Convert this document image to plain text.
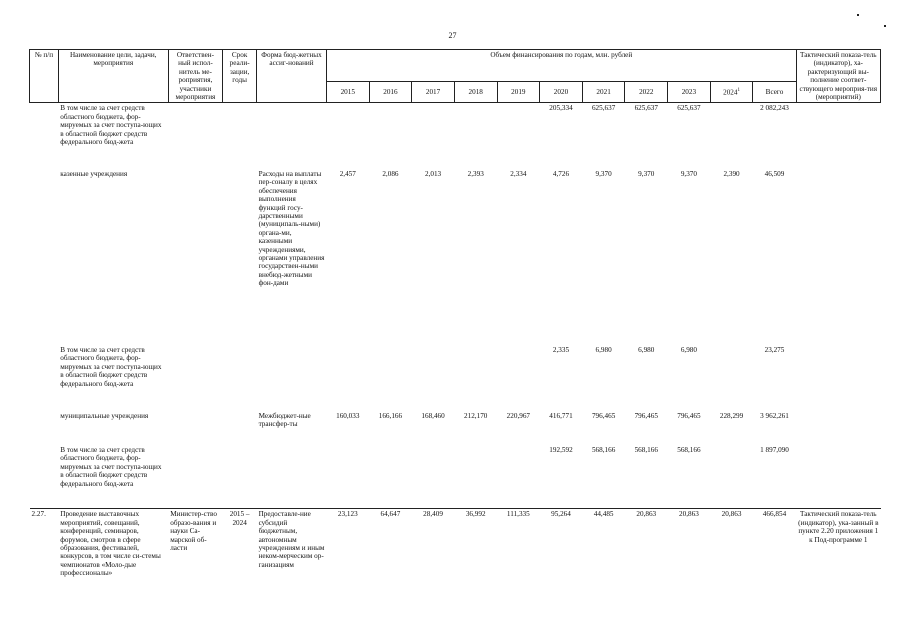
27
№ п/п	Наименование цели, задачи, мероприятия	Ответствен-ный испол-нитель ме-роприятия, участники мероприятия	Срок реали-зации, годы	Форма бюд-жетных ассиг-нований	Объем финансирования по годам, млн. рублей											Тактический показа-тель (индикатор), ха-рактеризующий вы-полнение соответ-ствующего мероприя-тия (мероприятий)
					2015	2016	2017	2018	2019	2020	2021	2022	2023	2024$^1$	Всего	
	В том числе за счет средств областного бюджета, фор-мируемых за счет поступа-ющих в областной бюджет средств федерального бюд-жета									205,334	625,637	625,637	625,637		2 082,243	
	казенные учреждения			Расходы на выплаты пер-соналу в целях обеспечения выполнения функций госу-дарственными (муниципаль-ными) органа-ми, казенными учреждениями, органами управления государствен-ными внебюд-жетными фон-дами	2,457	2,086	2,013	2,393	2,334	4,726	9,370	9,370	9,370	2,390	46,509	
	В том числе за счет средств областного бюджета, фор-мируемых за счет поступа-ющих в областной бюджет средств федерального бюд-жета									2,335	6,980	6,980	6,980		23,275	
	муниципальные учреждения			Межбюджет-ные трансфер-ты	160,033	166,166	168,460	212,170	220,967	416,771	796,465	796,465	796,465	228,299	3 962,261	
	В том числе за счет средств областного бюджета, фор-мируемых за счет поступа-ющих в областной бюджет средств федерального бюд-жета									192,592	568,166	568,166	568,166		1 897,090	
2.27.	Проведение выставочных мероприятий, совещаний, конференций, семинаров, форумов, смотров в сфере образования, фестивалей, конкурсов, в том числе си-стемы чемпионатов «Моло-дые профессионалы»	Министер-ство образо-вания и науки Са-марской об-ласти	2015 – 2024	Предоставле-ние субсидий бюджетным, автономным учреждениям и иным неком-мерческим ор-ганизациям	23,123	64,647	28,409	36,992	111,335	95,264	44,485	20,863	20,863	20,863	466,854	Тактический показа-тель (индикатор), ука-занный в пункте 2.20 приложения 1 к Под-программе 1
